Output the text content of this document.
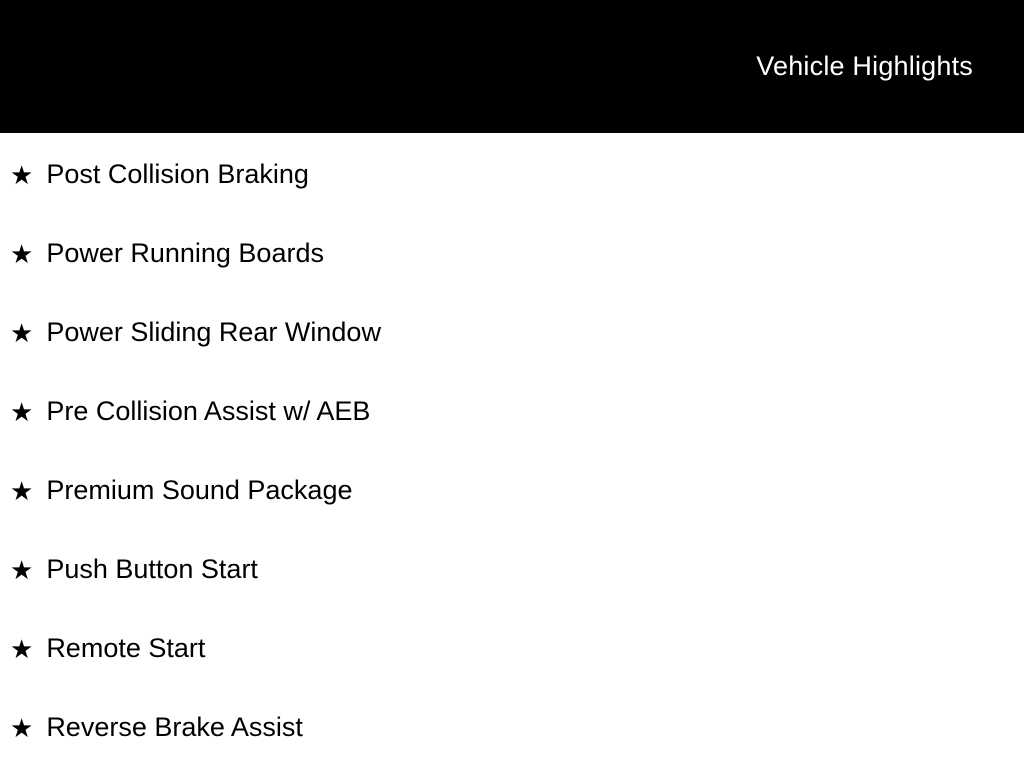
Vehicle Highlights
★ Post Collision Braking
★ Power Running Boards
★ Power Sliding Rear Window
★ Pre Collision Assist w/ AEB
★ Premium Sound Package
★ Push Button Start
★ Remote Start
★ Reverse Brake Assist
